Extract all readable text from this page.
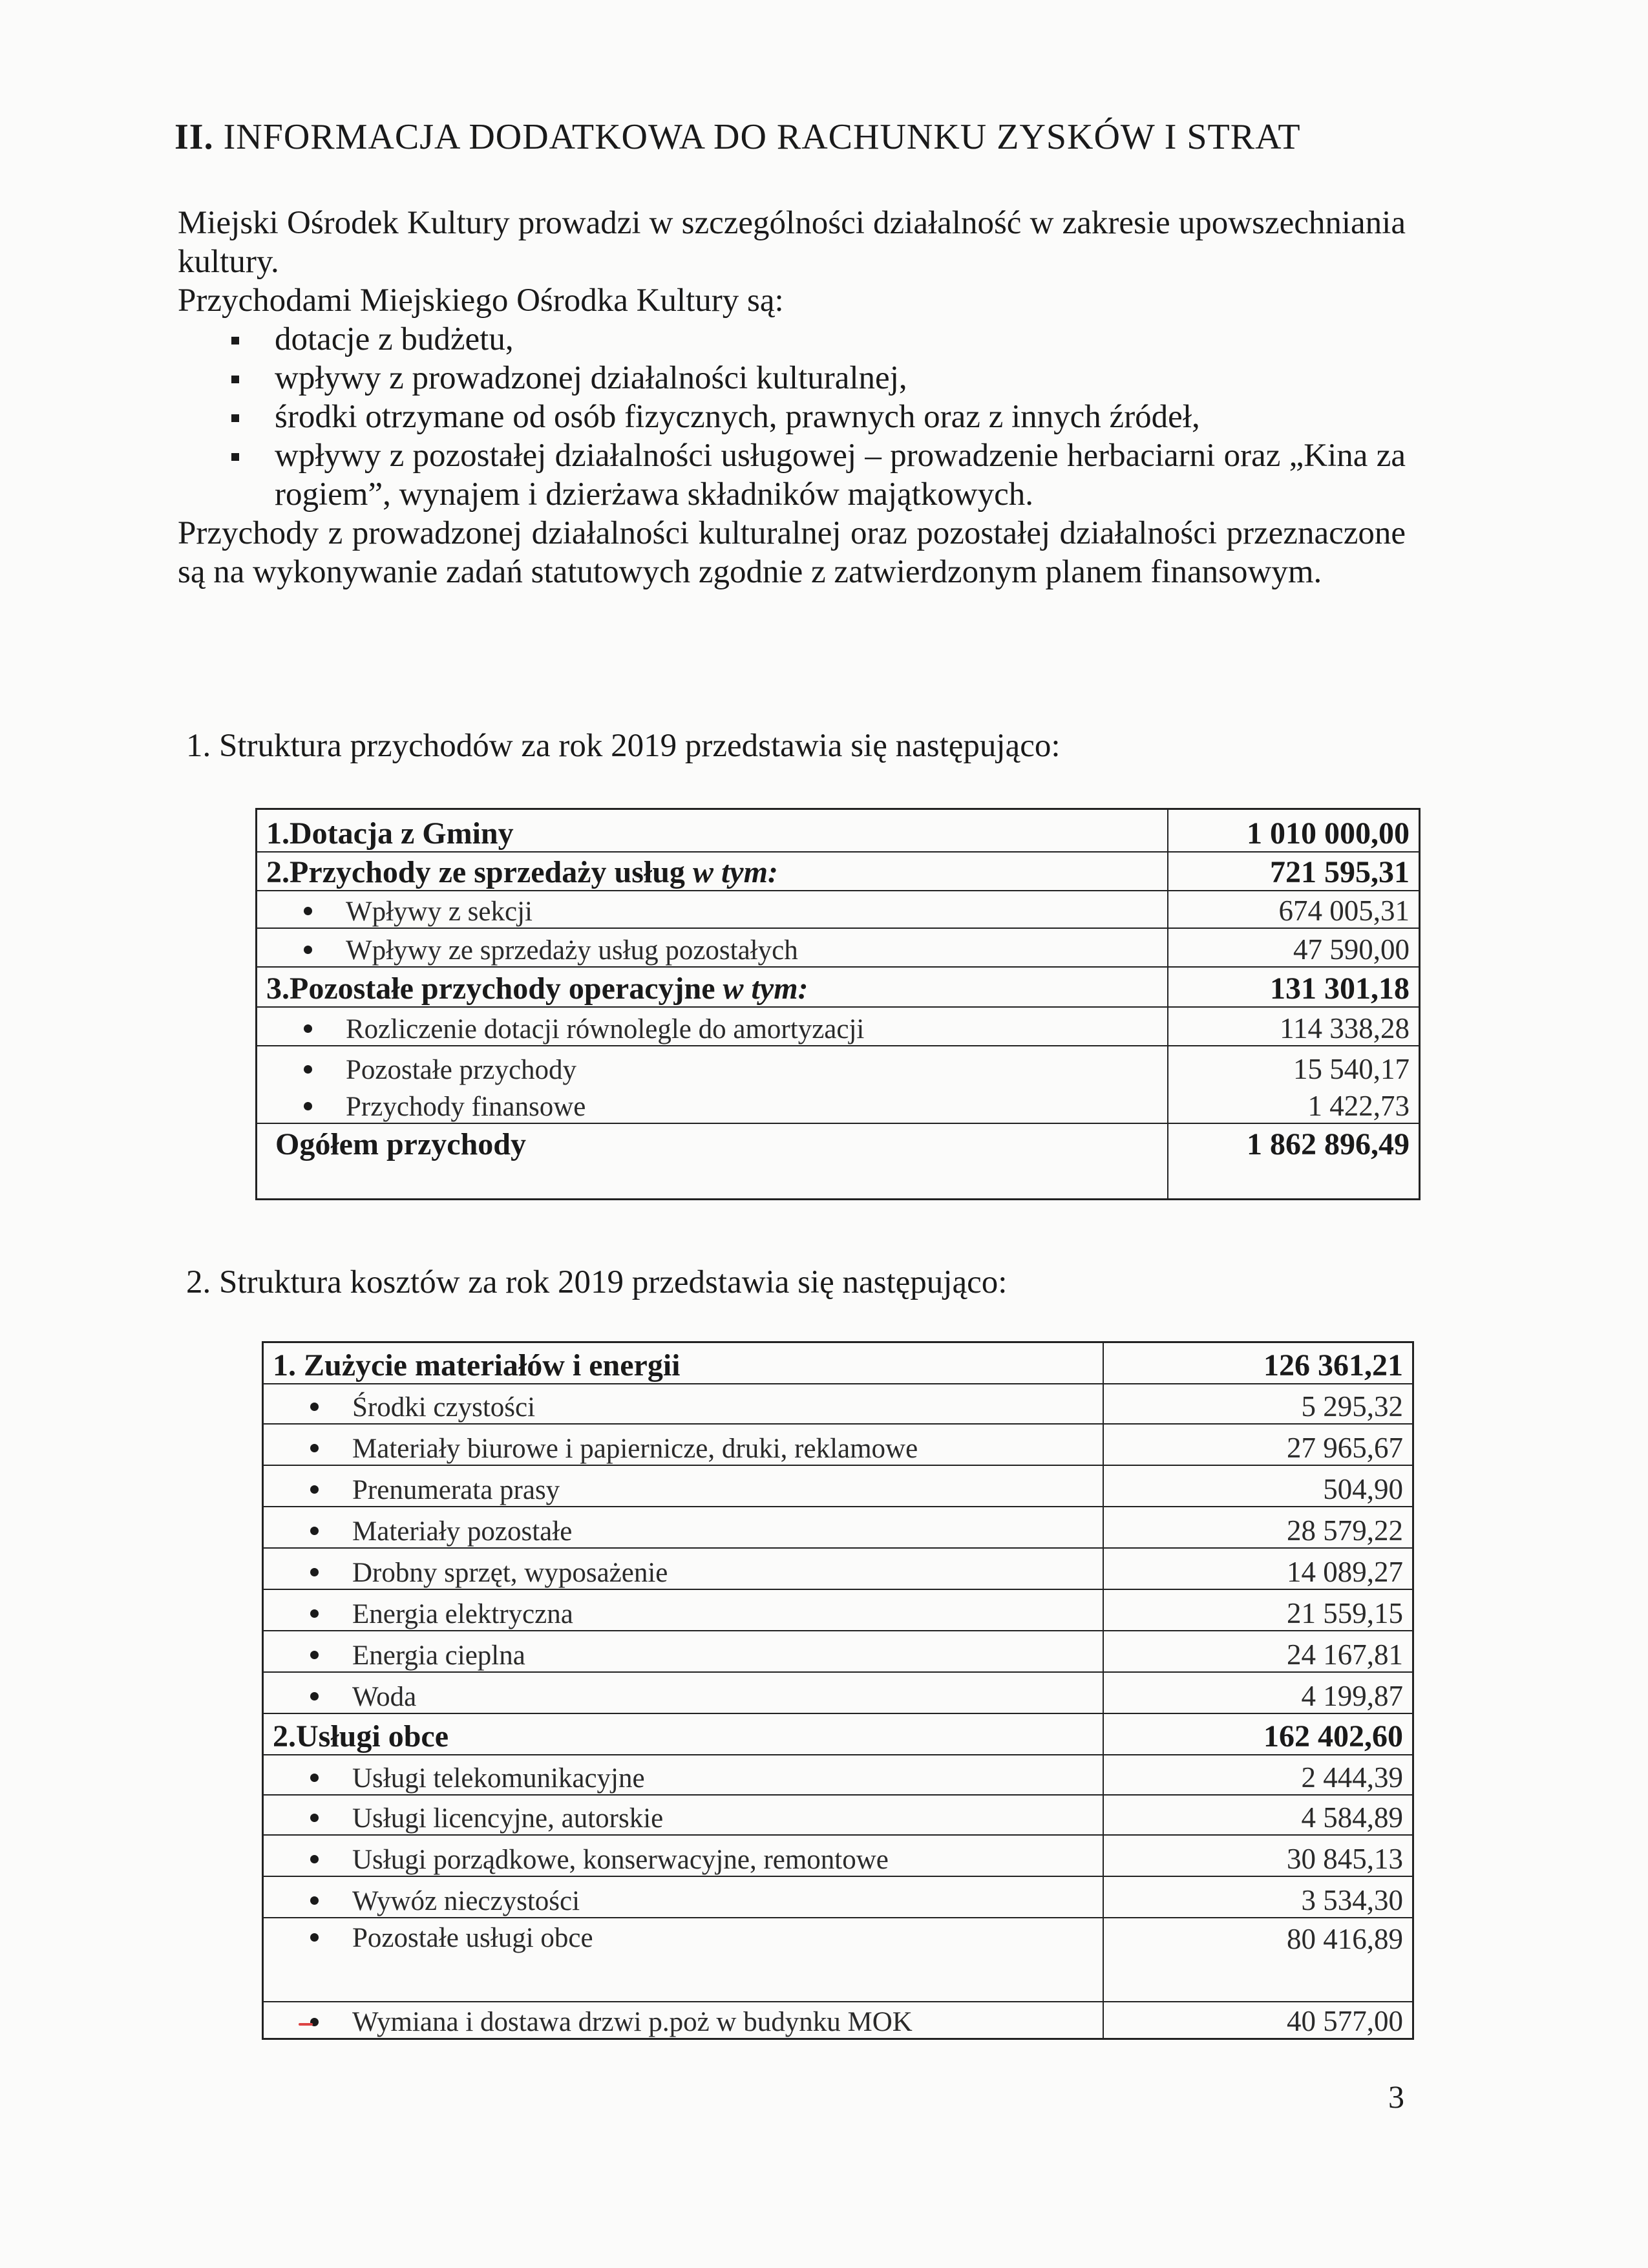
II. INFORMACJA DODATKOWA DO RACHUNKU ZYSKÓW I STRAT

Miejski Ośrodek Kultury prowadzi w szczególności działalność w zakresie upowszechniania kultury.

Przychodami Miejskiego Ośrodka Kultury są:

dotacje z budżetu,
wpływy z prowadzonej działalności kulturalnej,
środki otrzymane od osób fizycznych, prawnych oraz z innych źródeł,
wpływy z pozostałej działalności usługowej – prowadzenie herbaciarni oraz „Kina za rogiem”, wynajem i dzierżawa składników majątkowych.

Przychody z prowadzonej działalności kulturalnej oraz pozostałej działalności przeznaczone są na wykonywanie zadań statutowych zgodnie z zatwierdzonym planem finansowym.

1. Struktura przychodów za rok 2019 przedstawia się następująco:
1.Dotacja z Gminy	1 010 000,00
2.Przychody ze sprzedaży usług w tym:	721 595,31
Wpływy z sekcji	674 005,31
Wpływy ze sprzedaży usług pozostałych	47 590,00
3.Pozostałe przychody operacyjne w tym:	131 301,18
Rozliczenie dotacji równolegle do amortyzacji	114 338,28
Pozostałe przychody	15 540,17
Przychody finansowe	1 422,73
Ogółem przychody	1 862 896,49
2. Struktura kosztów za rok 2019 przedstawia się następująco:
1. Zużycie materiałów i energii	126 361,21
Środki czystości	5 295,32
Materiały biurowe i papiernicze, druki, reklamowe	27 965,67
Prenumerata prasy	504,90
Materiały pozostałe	28 579,22
Drobny sprzęt, wyposażenie	14 089,27
Energia elektryczna	21 559,15
Energia cieplna	24 167,81
Woda	4 199,87
2.Usługi obce	162 402,60
Usługi telekomunikacyjne	2 444,39
Usługi licencyjne, autorskie	4 584,89
Usługi porządkowe, konserwacyjne, remontowe	30 845,13
Wywóz nieczystości	3 534,30
Pozostałe usługi obce	80 416,89
Wymiana i dostawa drzwi p.poż w budynku MOK	40 577,00
3
